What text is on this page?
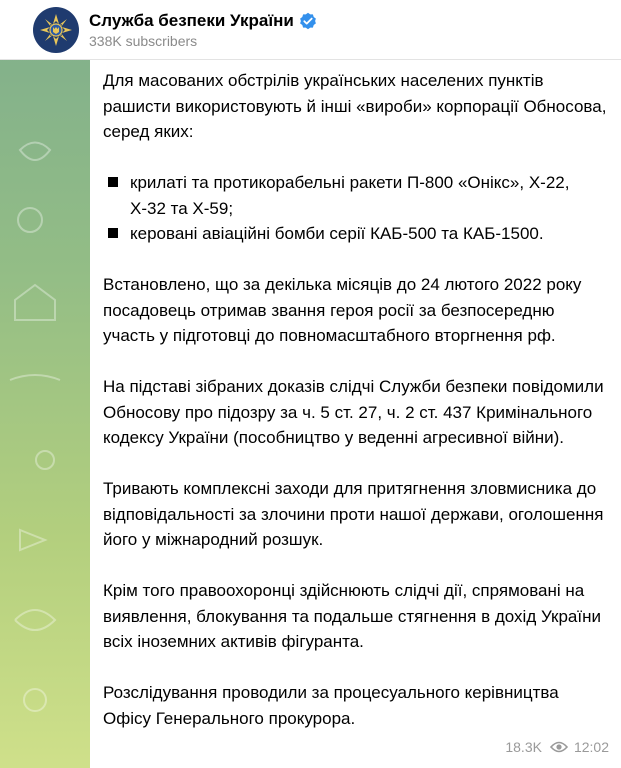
Служба безпеки України
338K subscribers

Для масованих обстрілів українських населених пунктів рашисти використовують й інші «вироби» корпорації Обносова, серед яких:

крилаті та протикорабельні ракети П-800 «Онікс», Х-22, Х-32 та Х-59;
керовані авіаційні бомби серії КАБ-500 та КАБ-1500.

Встановлено, що за декілька місяців до 24 лютого 2022 року посадовець отримав звання героя росії за безпосередню участь у підготовці до повномасштабного вторгнення рф.

На підставі зібраних доказів слідчі Служби безпеки повідомили Обносову про підозру за ч. 5 ст. 27, ч. 2 ст. 437 Кримінального кодексу України (пособництво у веденні агресивної війни).

Тривають комплексні заходи для притягнення зловмисника до відповідальності за злочини проти нашої держави, оголошення його у міжнародний розшук.

Крім того правоохоронці здійснюють слідчі дії, спрямовані на виявлення, блокування та подальше стягнення в дохід України всіх іноземних активів фігуранта.

Розслідування проводили за процесуального керівництва Офісу Генерального прокурора.

18.3K 12:02
